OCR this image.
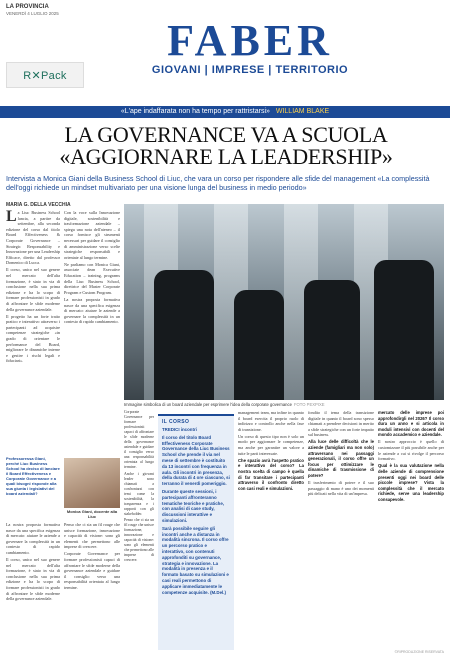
LA PROVINCIA
VENERDÌ 4 LUGLIO 2025
R✕Pack
FABER
GIOVANI | IMPRESE | TERRITORIO
«L'ape indaffarata non ha tempo per rattristarsi» WILLIAM BLAKE
LA GOVERNANCE VA A SCUOLA «AGGIORNARE LA LEADERSHIP»
Intervista a Monica Giani della Business School di Liuc, che vara un corso per rispondere alle sfide del management «La complessità dell'oggi richiede un mindset multivariato per una visione lunga del business in medio periodo»
MARIA G. DELLA VECCHIA

La Liuc Business School lancia, a partire da settembre, alla seconda edizione del corso dal titolo Board Effectiveness & Corporate Governance – Strategic Responsability e Innovazione per una Leadership Efficace, diretto dal professor Domenico di Lucca.

Il corso, unico nel suo genere nel mercato dell'alta formazione, è stato in via di conclusione nella sua prima edizione e ha lo scopo di formare professionisti in grado di affrontare le sfide moderne della governance aziendale.

Il progetto ha un forte tratto pratico e interattivo attraverso i partecipanti ad acquisire competenze strategiche «in grado di orientare le performance del Board, migliorare le dinamiche interne e gestire i rischi legali e fiduciari».

Con la voce sulla Innovazione digitale, sostenibilità e trasformazione aziendale – spiega una nota dell'ateneo – il corso fornisce gli strumenti necessari per guidare il consiglio di amministrazione verso scelte strategiche responsabili e orientate al lungo termine.

Ne parliamo con Monica Giani, associate dean Executive Education – training, programs della Liuc Business School, direttrice del Master Corporate Program e Custom Program.

La nostra proposta formativa nasce da una specifica esigenza di mercato: aiutare le aziende a governare la complessità in un contesto di rapido cambiamento.

Professoressa Giani, perché Liuc Business School ha deciso di lanciare il Board Effectiveness e Corporate Governance e a quali bisogni risponde alla sua giunta i legislativi del board aziendali?
Monica Giani, docente alla Liuc

La nostra proposta formativa nasce da una specifica esigenza di mercato: aiutare le aziende a governare la complessità in un contesto di rapido cambiamento.

Il corso, unico nel suo genere nel mercato dell'alta formazione, è stato in via di conclusione nella sua prima edizione e ha lo scopo di formare professionisti in grado di affrontare le sfide moderne della governance aziendale.

Penso che ci sia un fil rouge che unisce formazione, innovazione e capacità di visione: sono gli elementi che permettono alle imprese di crescere.

Corporate Governance per formare professionisti capaci di affrontare le sfide moderne della governance aziendale e guidare il consiglio verso una responsabilità orientata al lungo termine.

Immagine simbolica di un board aziendale per esprimere l'idea della corporate governance FOTO PEXPIXE

Corporate Governance per formare professionisti capaci di affrontare le sfide moderne della governance aziendale e guidare il consiglio verso una responsabilità orientata al lungo termine.

Anche i giovani leader sono chiamati a confrontarsi con temi come la sostenibilità, la trasparenza e i rapporti con gli stakeholder.

Penso che ci sia un fil rouge che unisce formazione, innovazione e capacità di visione: sono gli elementi che permettono alle imprese di crescere.

IL CORSO

TREDICI incontri

Il corso del titolo Board Effectiveness Corporate Governance della Liuc Business School che prende il via nel mese di settembre è costituito da 13 incontri con frequenza in aula. Gli incontri in presenza, della durata di 4 ore ciascuno, si terranno il venerdì pomeriggio.

Durante queste sessioni, i partecipanti affronteranno tematiche teoriche e pratiche, con analisi di case study, discussioni interattive e simulazioni.

Sarà possibile seguire gli incontri anche a distanza in modalità sincrona. Il corso offre un percorso pratico e interattivo, con contenuti approfonditi su governance, strategia e innovazione. La modalità in presenza e il formato basato su simulazioni e casi reali permettono di applicare immediatamente le competenze acquisite. (M.Del.)

management team, ma infine in quanto il board esercita il proprio ruolo di indirizzo e controllo anche nella fase di transizione.

Un corso di questo tipo non è solo un modo per aggiornare le competenze, ma anche per garantire un valore a tutte le parti interessate.

Che spazio avrà l'aspetto pratico e interattivo del corso? La nostra scelta di campo è quella di far transitare i partecipanti attraverso il confronto diretto con casi reali e simulazioni.

fondito il tema della transizione digitale in quanto il board sono spesso chiamati a prendere decisioni in merito a sfide strategiche con un forte impatto sul business.

Alla luce delle difficoltà che le aziende (famigliari ma non solo) attraversano nei passaggi generazionali, il corso offre un focus per ottimizzare le dinamiche di trasmissione di potere?

Il trasferimento di potere e il suo passaggio di mano è uno dei momenti più delicati nella vita di un'impresa.

mercato delle imprese poi approfondirgli nel 2026? Il corso dura un anno e si articola in moduli intensivi con docenti del mondo accademico e aziendale.

Il nostro approccio è quello di customizzare il più possibile anche per le aziende a cui si rivolge il percorso formativo.

Qual è la sua valutazione nella delle aziende di comprensione presenti oggi nei board delle piccole imprese? Vista la complessità che il mercato richiede, serve una leadership consapevole.

©RIPRODUZIONE RISERVATA
